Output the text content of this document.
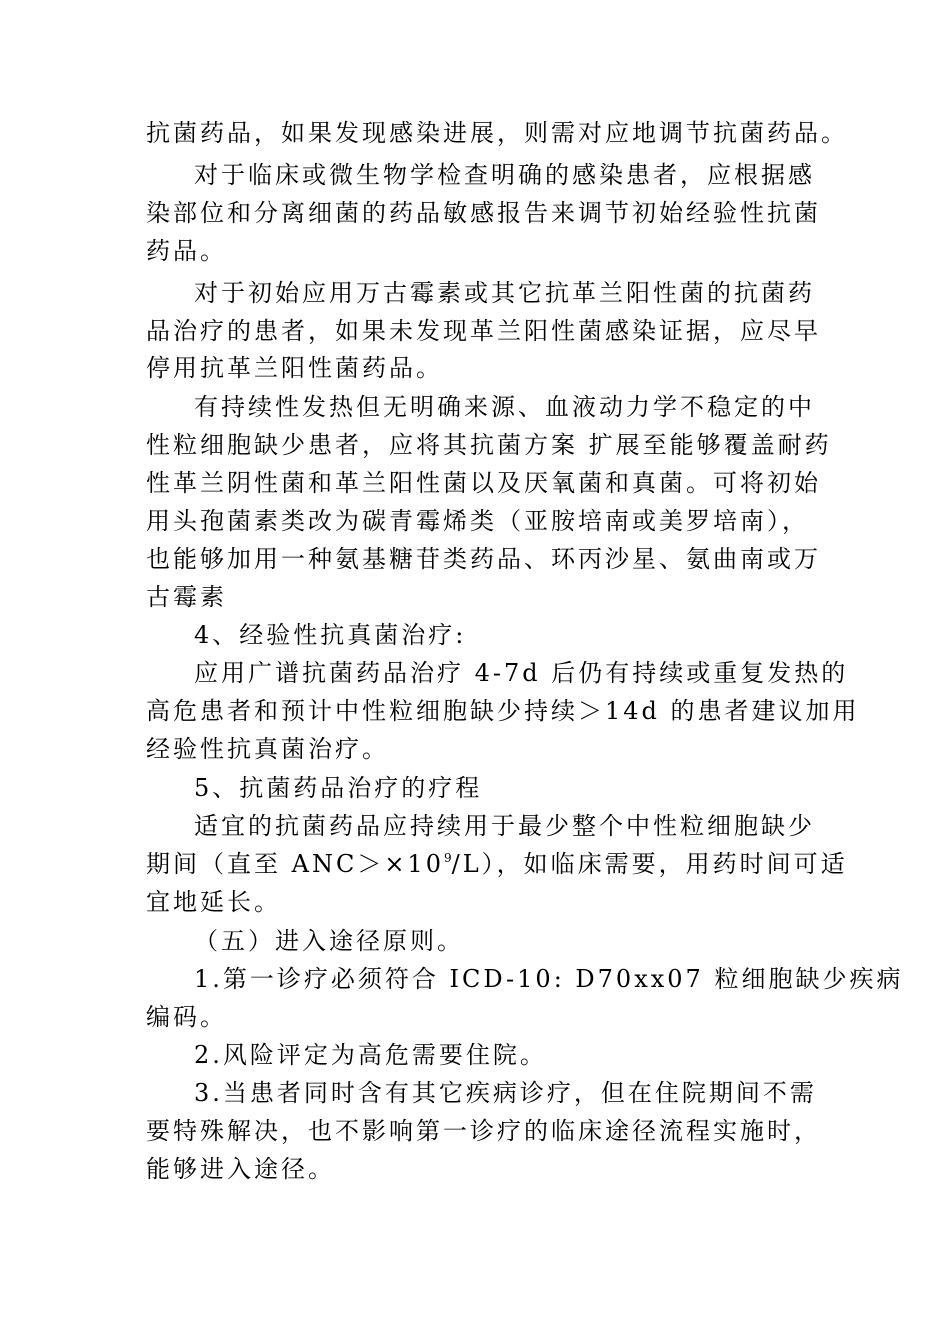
抗菌药品，如果发现感染进展，则需对应地调节抗菌药品。

对于临床或微生物学检查明确的感染患者，应根据感

染部位和分离细菌的药品敏感报告来调节初始经验性抗菌

药品。

对于初始应用万古霉素或其它抗革兰阳性菌的抗菌药

品治疗的患者，如果未发现革兰阳性菌感染证据，应尽早

停用抗革兰阳性菌药品。

有持续性发热但无明确来源、血液动力学不稳定的中

性粒细胞缺少患者，应将其抗菌方案 扩展至能够覆盖耐药

性革兰阴性菌和革兰阳性菌以及厌氧菌和真菌。可将初始

用头孢菌素类改为碳青霉烯类（亚胺培南或美罗培南），

也能够加用一种氨基糖苷类药品、环丙沙星、氨曲南或万

古霉素

4、经验性抗真菌治疗:

应用广谱抗菌药品治疗 4-7d 后仍有持续或重复发热的

高危患者和预计中性粒细胞缺少持续＞14d 的患者建议加用

经验性抗真菌治疗。

5、抗菌药品治疗的疗程

适宜的抗菌药品应持续用于最少整个中性粒细胞缺少

期间（直至 $ANC>\times 10^9/L$），如临床需要，用药时间可适

宜地延长。

（五）进入途径原则。

1.第一诊疗必须符合 ICD-10: D70xx07 粒细胞缺少疾病

编码。

2.风险评定为高危需要住院。

3.当患者同时含有其它疾病诊疗，但在住院期间不需

要特殊解决，也不影响第一诊疗的临床途径流程实施时，

能够进入途径。
